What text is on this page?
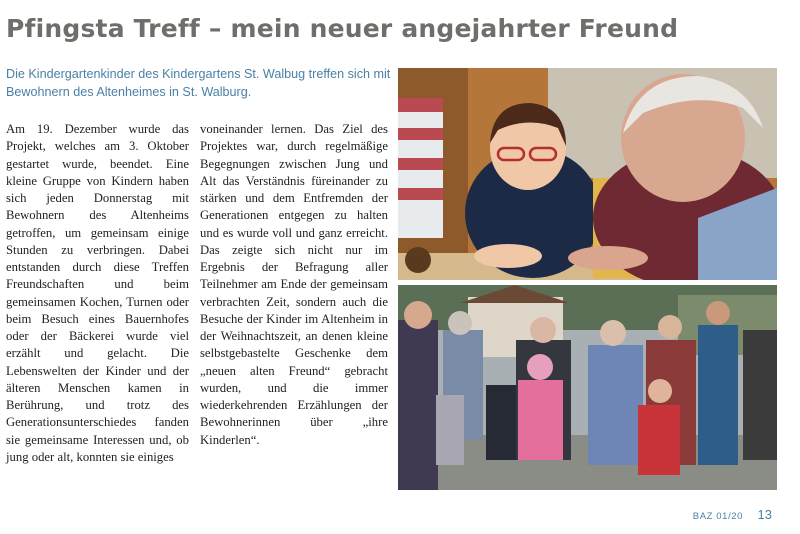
Pfingsta Treff – mein neuer angejahrter Freund
Die Kindergartenkinder des Kindergartens St. Walbug treffen sich mit Bewohnern des Altenheimes in St. Walburg.
Am 19. Dezember wurde das Projekt, welches am 3. Oktober gestartet wurde, beendet. Eine kleine Gruppe von Kindern haben sich jeden Donnerstag mit Bewohnern des Altenheims getroffen, um gemeinsam einige Stunden zu verbringen. Dabei entstanden durch diese Treffen Freundschaften und beim gemeinsamen Kochen, Turnen oder beim Besuch eines Bauernhofes oder der Bäckerei wurde viel erzählt und gelacht. Die Lebenswelten der Kinder und der älteren Menschen kamen in Berührung, und trotz des Generationsunterschiedes fanden sie gemeinsame Interessen und, ob jung oder alt, konnten sie einiges
voneinander lernen. Das Ziel des Projektes war, durch regelmäßige Begegnungen zwischen Jung und Alt das Verständnis füreinander zu stärken und dem Entfremden der Generationen entgegen zu halten und es wurde voll und ganz erreicht. Das zeigte sich nicht nur im Ergebnis der Befragung aller Teilnehmer am Ende der gemeinsam verbrachten Zeit, sondern auch die Besuche der Kinder im Altenheim in der Weihnachtszeit, an denen kleine selbstgebastelte Geschenke dem „neuen alten Freund“ gebracht wurden, und die immer wiederkehrenden Erzählungen der Bewohnerinnen über „ihre Kinderlen“.
BAZ 01/20 13
